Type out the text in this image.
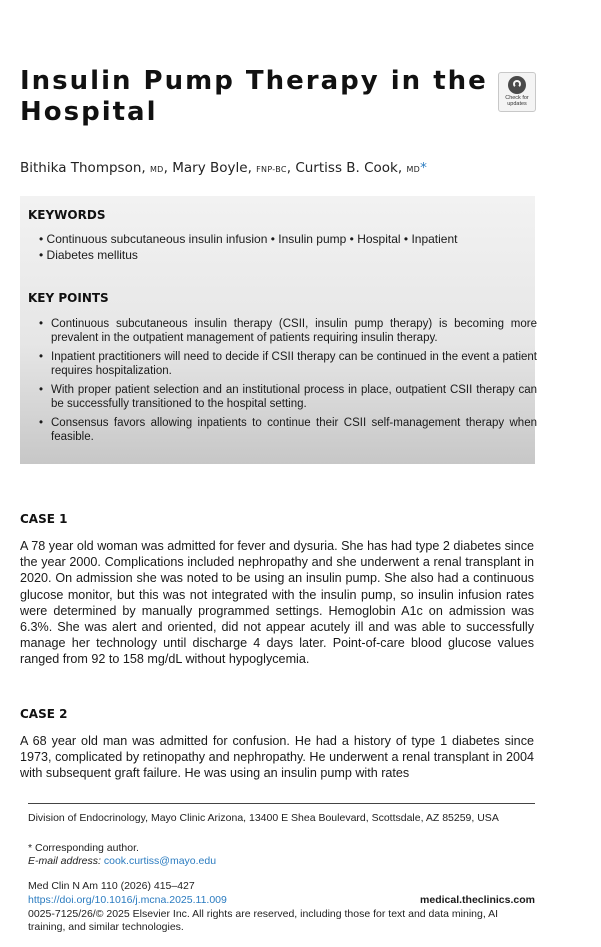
Insulin Pump Therapy in the Hospital	Check for
updates
Bithika Thompson, MD, Mary Boyle, FNP-BC, Curtiss B. Cook, MD*
KEYWORDS
• Continuous subcutaneous insulin infusion • Insulin pump • Hospital • Inpatient
• Diabetes mellitus
KEY POINTS
• Continuous subcutaneous insulin therapy (CSII, insulin pump therapy) is becoming more prevalent in the outpatient management of patients requiring insulin therapy.
• Inpatient practitioners will need to decide if CSII therapy can be continued in the event a patient requires hospitalization.
• With proper patient selection and an institutional process in place, outpatient CSII therapy can be successfully transitioned to the hospital setting.
• Consensus favors allowing inpatients to continue their CSII self-management therapy when feasible.
CASE 1

A 78 year old woman was admitted for fever and dysuria. She has had type 2 diabetes since the year 2000. Complications included nephropathy and she underwent a renal transplant in 2020. On admission she was noted to be using an insulin pump. She also had a continuous glucose monitor, but this was not integrated with the insulin pump, so insulin infusion rates were determined by manually programmed settings. Hemoglobin A1c on admission was 6.3%. She was alert and oriented, did not appear acutely ill and was able to successfully manage her technology until discharge 4 days later. Point-of-care blood glucose values ranged from 92 to 158 mg/dL without hypoglycemia.

CASE 2

A 68 year old man was admitted for confusion. He had a history of type 1 diabetes since 1973, complicated by retinopathy and nephropathy. He underwent a renal transplant in 2004 with subsequent graft failure. He was using an insulin pump with rates

Division of Endocrinology, Mayo Clinic Arizona, 13400 E Shea Boulevard, Scottsdale, AZ 85259, USA

* Corresponding author.

E-mail address: cook.curtiss@mayo.edu

Med Clin N Am 110 (2026) 415–427

https://doi.org/10.1016/j.mcna.2025.11.009	medical.theclinics.com

0025-7125/26/© 2025 Elsevier Inc. All rights are reserved, including those for text and data mining, AI training, and similar technologies.
